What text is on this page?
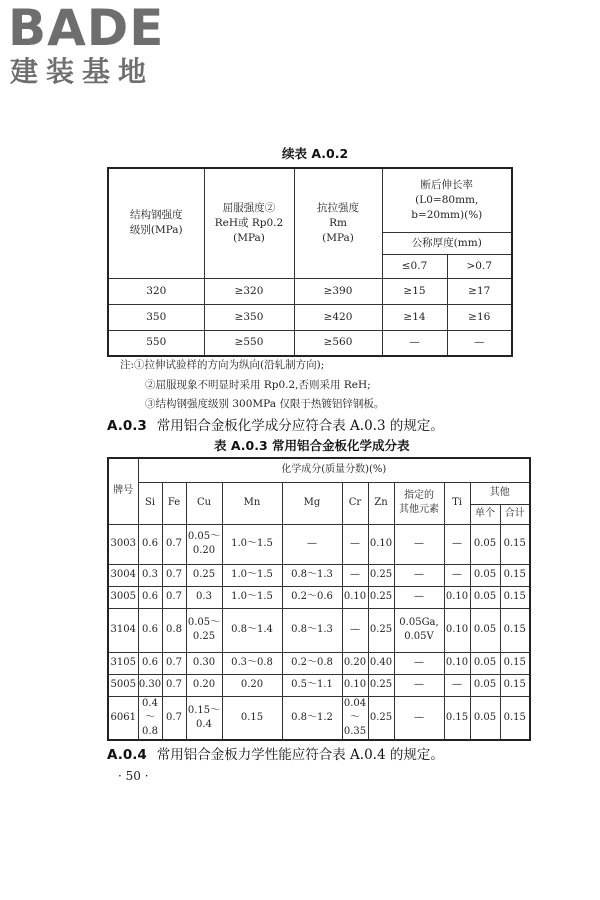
BADE
建装基地
续表 A.0.2
结构钢强度
级别(MPa)	屈服强度②
ReH或 Rp0.2
(MPa)	抗拉强度
Rm
(MPa)	断后伸长率
(L0=80mm,
b=20mm)(%)	
			公称厚度(mm)	
			≤0.7	>0.7
320	≥320	≥390	≥15	≥17
350	≥350	≥420	≥14	≥16
550	≥550	≥560	—	—
注:①拉伸试验样的方向为纵向(沿轧制方向);
②屈服现象不明显时采用 Rp0.2,否则采用 ReH;
③结构钢强度级别 300MPa 仅限于热镀铝锌钢板。
A.0.3 常用铝合金板化学成分应符合表 A.0.3 的规定。
表 A.0.3 常用铝合金板化学成分表
牌号	化学成分(质量分数)(%)										
	Si	Fe	Cu	Mn	Mg	Cr	Zn	指定的
其他元素	Ti	其他	
										单个	合计
3003	0.6	0.7	0.05～
0.20	1.0～1.5	—	—	0.10	—	—	0.05	0.15
3004	0.3	0.7	0.25	1.0～1.5	0.8～1.3	—	0.25	—	—	0.05	0.15
3005	0.6	0.7	0.3	1.0～1.5	0.2～0.6	0.10	0.25	—	0.10	0.05	0.15
3104	0.6	0.8	0.05～
0.25	0.8～1.4	0.8～1.3	—	0.25	0.05Ga,
0.05V	0.10	0.05	0.15
3105	0.6	0.7	0.30	0.3～0.8	0.2～0.8	0.20	0.40	—	0.10	0.05	0.15
5005	0.30	0.7	0.20	0.20	0.5～1.1	0.10	0.25	—	—	0.05	0.15
6061	0.4～
0.8	0.7	0.15～
0.4	0.15	0.8～1.2	0.04～
0.35	0.25	—	0.15	0.05	0.15
A.0.4 常用铝合金板力学性能应符合表 A.0.4 的规定。
· 50 ·
